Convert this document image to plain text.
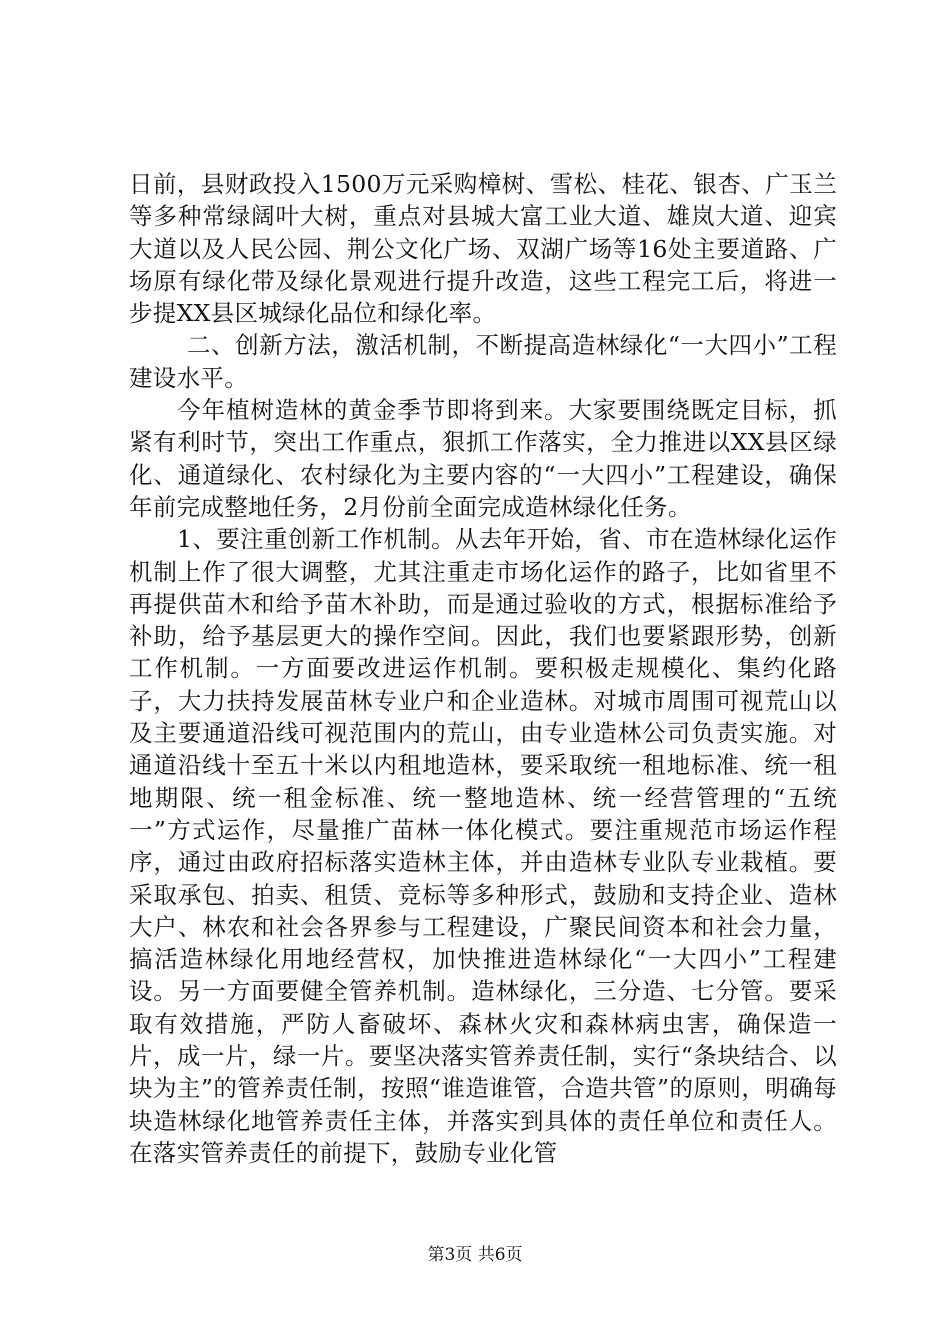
日前，县财政投入1500万元采购樟树、雪松、桂花、银杏、广玉兰等多种常绿阔叶大树，重点对县城大富工业大道、雄岚大道、迎宾大道以及人民公园、荆公文化广场、双湖广场等16处主要道路、广场原有绿化带及绿化景观进行提升改造，这些工程完工后，将进一步提XX县区城绿化品位和绿化率。

二、创新方法，激活机制，不断提高造林绿化“一大四小”工程建设水平。

今年植树造林的黄金季节即将到来。大家要围绕既定目标，抓紧有利时节，突出工作重点，狠抓工作落实，全力推进以XX县区绿化、通道绿化、农村绿化为主要内容的“一大四小”工程建设，确保年前完成整地任务，2月份前全面完成造林绿化任务。

1、要注重创新工作机制。从去年开始，省、市在造林绿化运作机制上作了很大调整，尤其注重走市场化运作的路子，比如省里不再提供苗木和给予苗木补助，而是通过验收的方式，根据标准给予补助，给予基层更大的操作空间。因此，我们也要紧跟形势，创新工作机制。一方面要改进运作机制。要积极走规模化、集约化路子，大力扶持发展苗林专业户和企业造林。对城市周围可视荒山以及主要通道沿线可视范围内的荒山，由专业造林公司负责实施。对通道沿线十至五十米以内租地造林，要采取统一租地标准、统一租地期限、统一租金标准、统一整地造林、统一经营管理的“五统一”方式运作，尽量推广苗林一体化模式。要注重规范市场运作程序，通过由政府招标落实造林主体，并由造林专业队专业栽植。要采取承包、拍卖、租赁、竞标等多种形式，鼓励和支持企业、造林大户、林农和社会各界参与工程建设，广聚民间资本和社会力量，搞活造林绿化用地经营权，加快推进造林绿化“一大四小”工程建设。另一方面要健全管养机制。造林绿化，三分造、七分管。要采取有效措施，严防人畜破坏、森林火灾和森林病虫害，确保造一片，成一片，绿一片。要坚决落实管养责任制，实行“条块结合、以块为主”的管养责任制，按照“谁造谁管，合造共管”的原则，明确每块造林绿化地管养责任主体，并落实到具体的责任单位和责任人。在落实管养责任的前提下，鼓励专业化管

第3页 共6页
